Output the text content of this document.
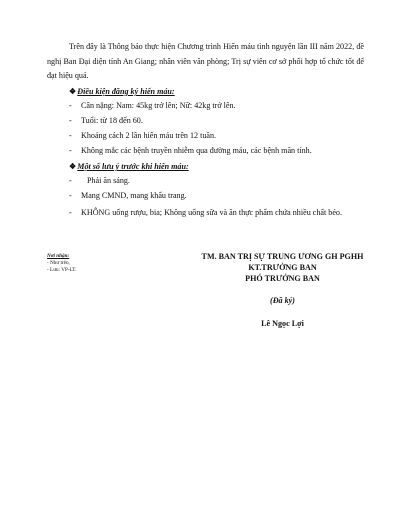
Trên đây là Thông báo thực hiện Chương trình Hiến máu tình nguyện lần III năm 2022, đề nghị Ban Đại diện tỉnh An Giang; nhân viên văn phòng; Trị sự viên cơ sở phối hợp tổ chức tốt để đạt hiệu quả.

❖Điều kiện đăng ký hiến máu:
- Cân nặng: Nam: 45kg trở lên; Nữ: 42kg trở lên.
- Tuổi: từ 18 đến 60.
- Khoảng cách 2 lần hiến máu trên 12 tuần.
- Không mắc các bệnh truyền nhiễm qua đường máu, các bệnh mãn tính.
❖Một số lưu ý trước khi hiến máu:
- Phải ăn sáng.
- Mang CMND, mang khẩu trang.
- KHÔNG uống rượu, bia; Không uống sữa và ăn thực phẩm chứa nhiều chất béo.
Nơi nhận:
- Như trên,
- Lưu: VP-LT.
TM. BAN TRỊ SỰ TRUNG ƯƠNG GH PGHH
KT.TRƯỞNG BAN
PHÓ TRƯỞNG BAN
(Đã ký)
Lê Ngọc Lợi
